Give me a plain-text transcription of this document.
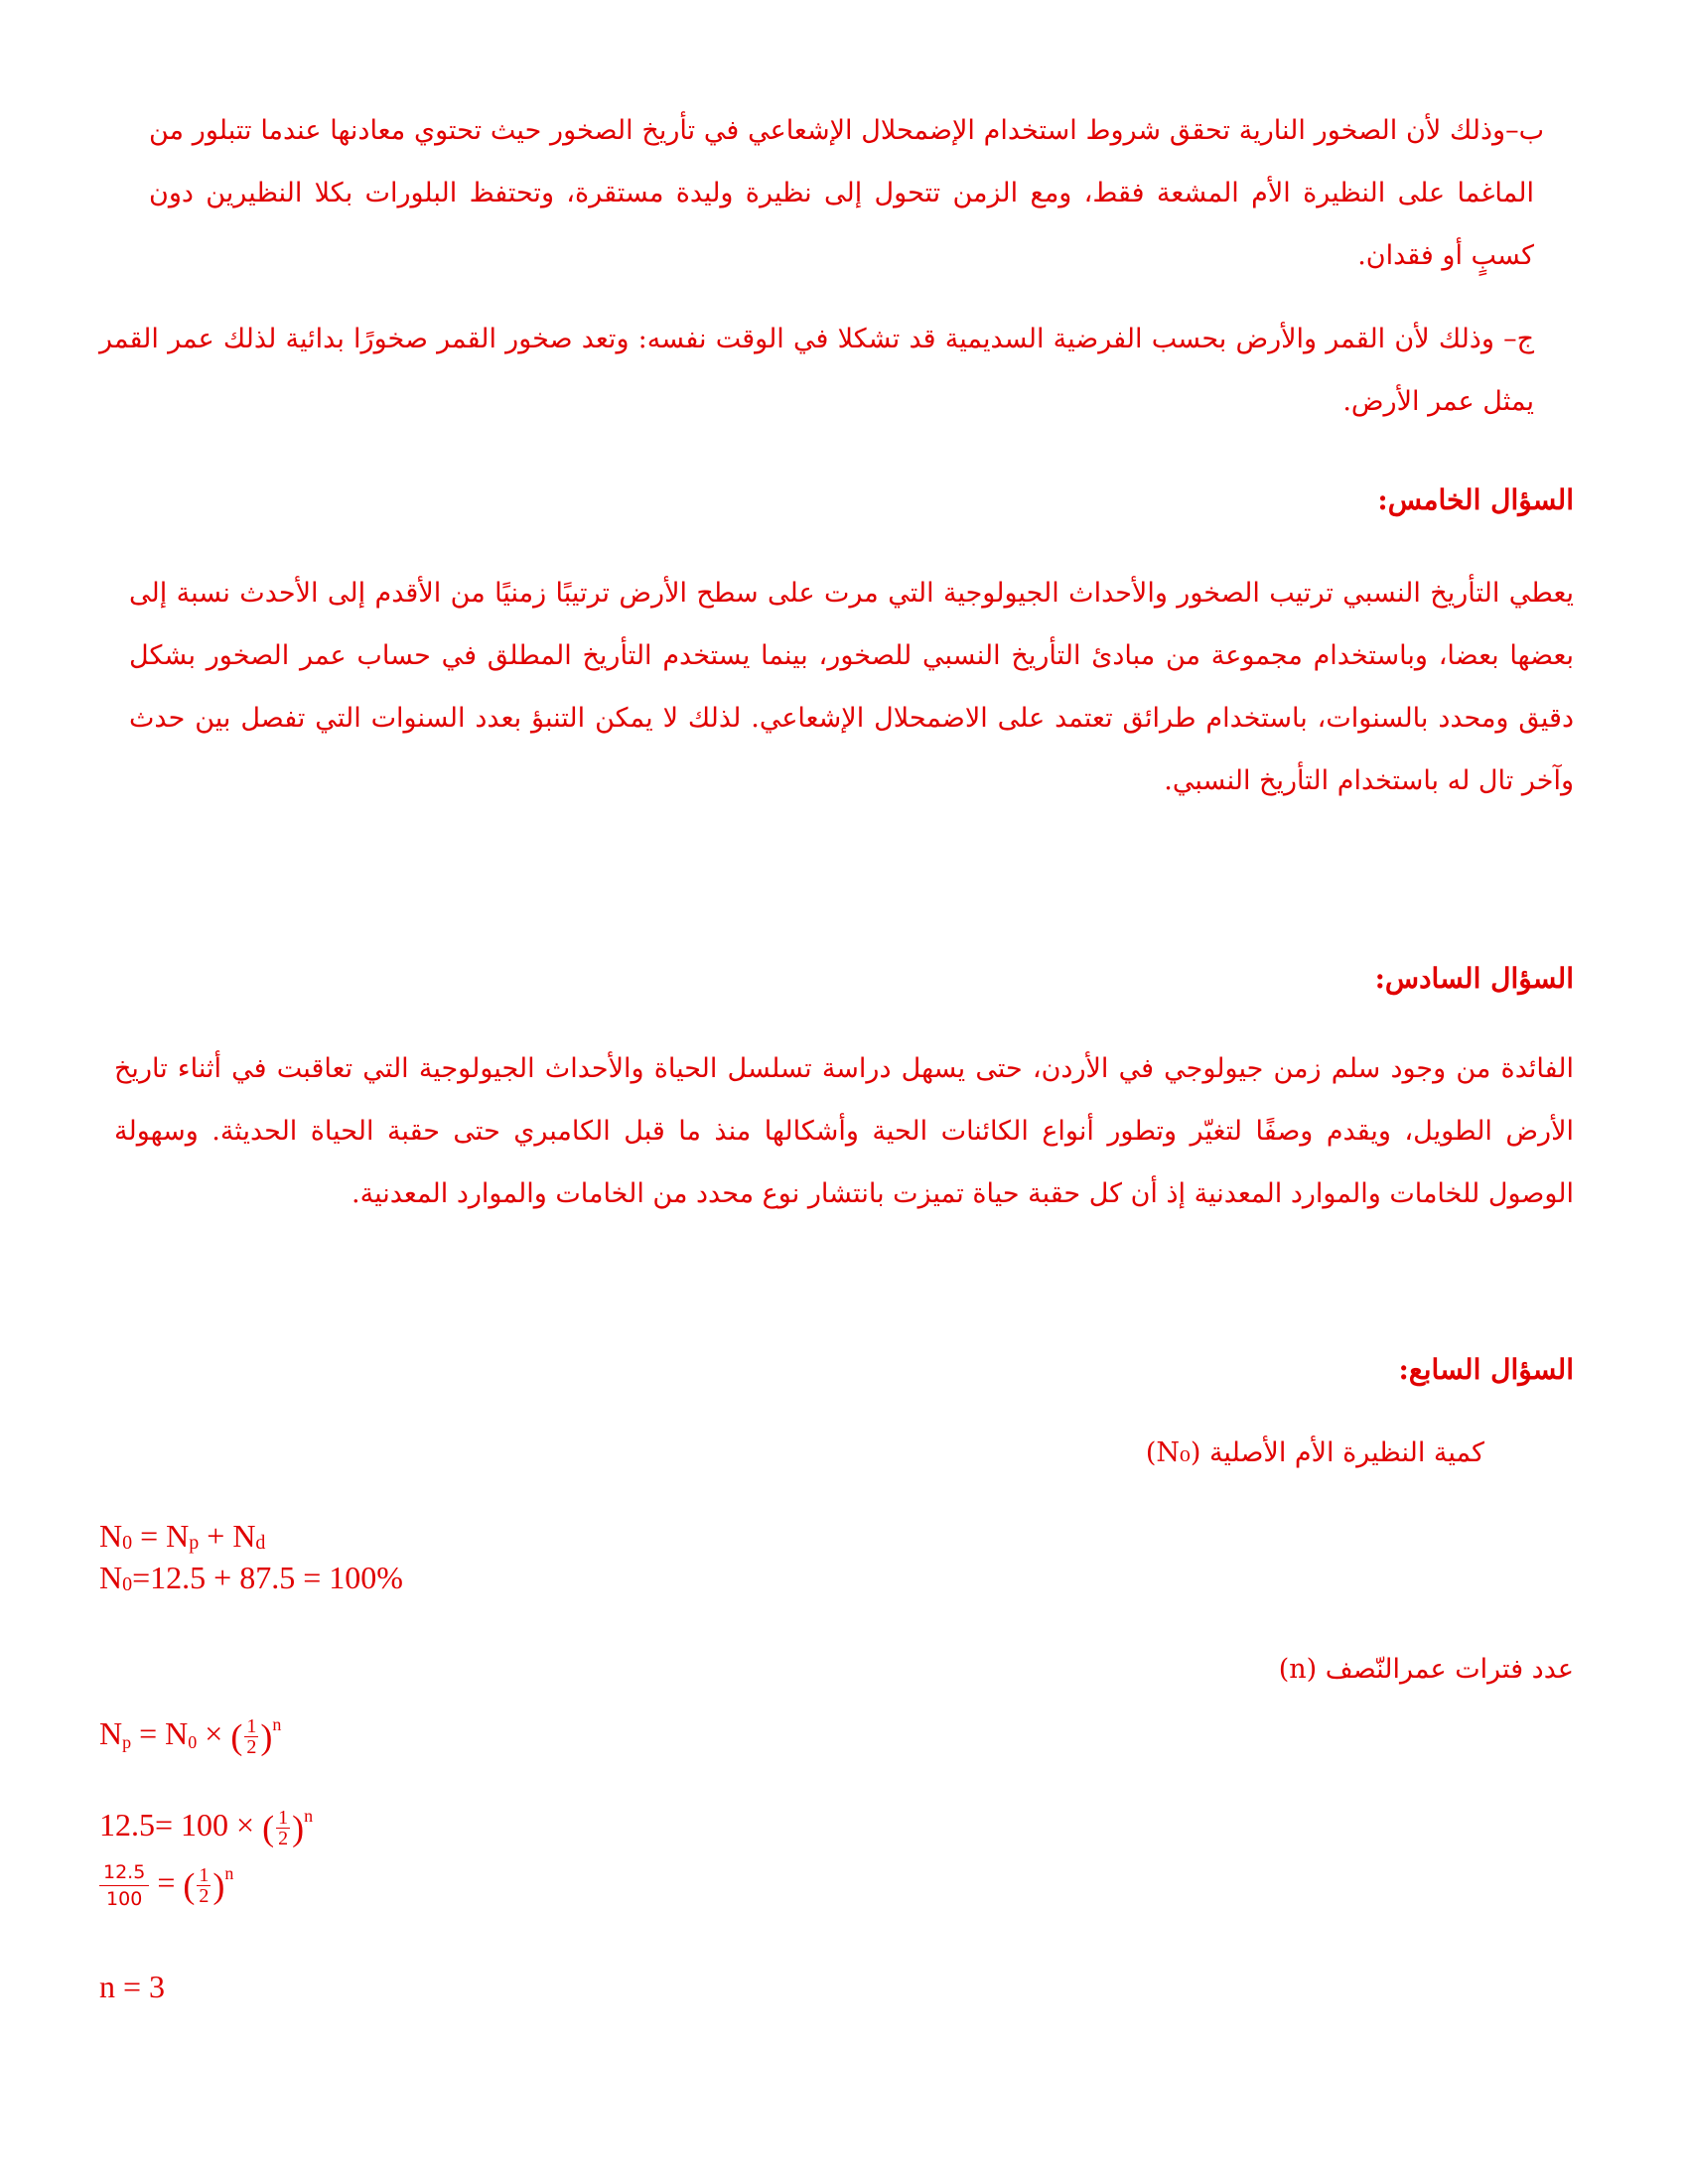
ب–وذلك لأن الصخور النارية تحقق شروط استخدام الإضمحلال الإشعاعي في تأريخ الصخور حيث تحتوي معادنها عندما تتبلور من الماغما على النظيرة الأم المشعة فقط، ومع الزمن تتحول إلى نظيرة وليدة مستقرة، وتحتفظ البلورات بكلا النظيرين دون كسبٍ أو فقدان.

ج– وذلك لأن القمر والأرض بحسب الفرضية السديمية قد تشكلا في الوقت نفسه: وتعد صخور القمر صخورًا بدائية لذلك عمر القمر يمثل عمر الأرض.

السؤال الخامس:

يعطي التأريخ النسبي ترتيب الصخور والأحداث الجيولوجية التي مرت على سطح الأرض ترتيبًا زمنيًا من الأقدم إلى الأحدث نسبة إلى بعضها بعضا، وباستخدام مجموعة من مبادئ التأريخ النسبي للصخور، بينما يستخدم التأريخ المطلق في حساب عمر الصخور بشكل دقيق ومحدد بالسنوات، باستخدام طرائق تعتمد على الاضمحلال الإشعاعي. لذلك لا يمكن التنبؤ بعدد السنوات التي تفصل بين حدث وآخر تال له باستخدام التأريخ النسبي.

السؤال السادس:

الفائدة من وجود سلم زمن جيولوجي في الأردن، حتى يسهل دراسة تسلسل الحياة والأحداث الجيولوجية التي تعاقبت في أثناء تاريخ الأرض الطويل، ويقدم وصفًا لتغيّر وتطور أنواع الكائنات الحية وأشكالها منذ ما قبل الكامبري حتى حقبة الحياة الحديثة. وسهولة الوصول للخامات والموارد المعدنية إذ أن كل حقبة حياة تميزت بانتشار نوع محدد من الخامات والموارد المعدنية.

السؤال السابع:

كمية النظيرة الأم الأصلية (N₀)

N0 = Np + Nd
N0=12.5 + 87.5 = 100%

عدد فترات عمرالنّصف (n)

$N_p = N_0$ × ( $\frac{1}{2} )^n$
12.5= 100 × ( $\frac{1}{2} )^n$
$\frac{12.5}{100}$ = ( $\frac{1}{2} )^n$
n = 3
